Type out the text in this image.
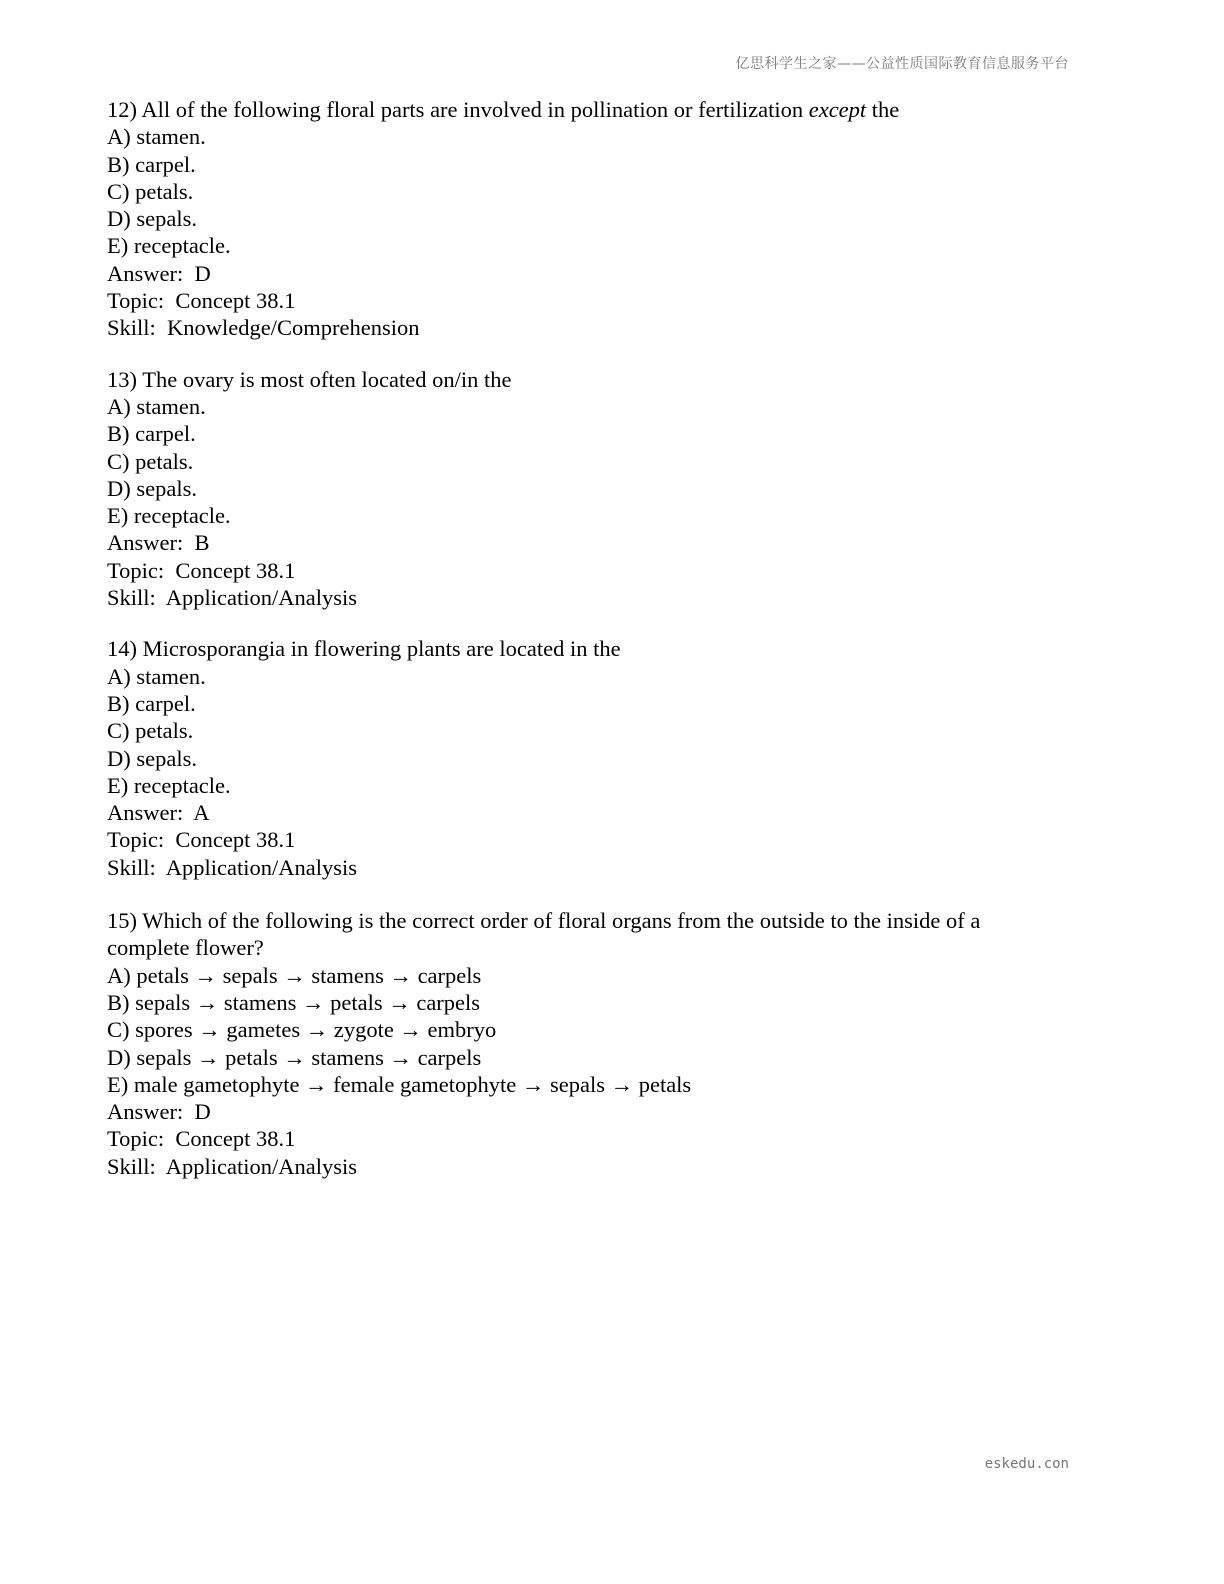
亿思科学生之家——公益性质国际教育信息服务平台
12) All of the following floral parts are involved in pollination or fertilization except the
A) stamen.
B) carpel.
C) petals.
D) sepals.
E) receptacle.
Answer:  D
Topic:  Concept 38.1
Skill:  Knowledge/Comprehension
13) The ovary is most often located on/in the
A) stamen.
B) carpel.
C) petals.
D) sepals.
E) receptacle.
Answer:  B
Topic:  Concept 38.1
Skill:  Application/Analysis
14) Microsporangia in flowering plants are located in the
A) stamen.
B) carpel.
C) petals.
D) sepals.
E) receptacle.
Answer:  A
Topic:  Concept 38.1
Skill:  Application/Analysis
15) Which of the following is the correct order of floral organs from the outside to the inside of a complete flower?
A) petals → sepals → stamens → carpels
B) sepals → stamens → petals → carpels
C) spores → gametes → zygote → embryo
D) sepals → petals → stamens → carpels
E) male gametophyte → female gametophyte → sepals → petals
Answer:  D
Topic:  Concept 38.1
Skill:  Application/Analysis
eskedu.con
